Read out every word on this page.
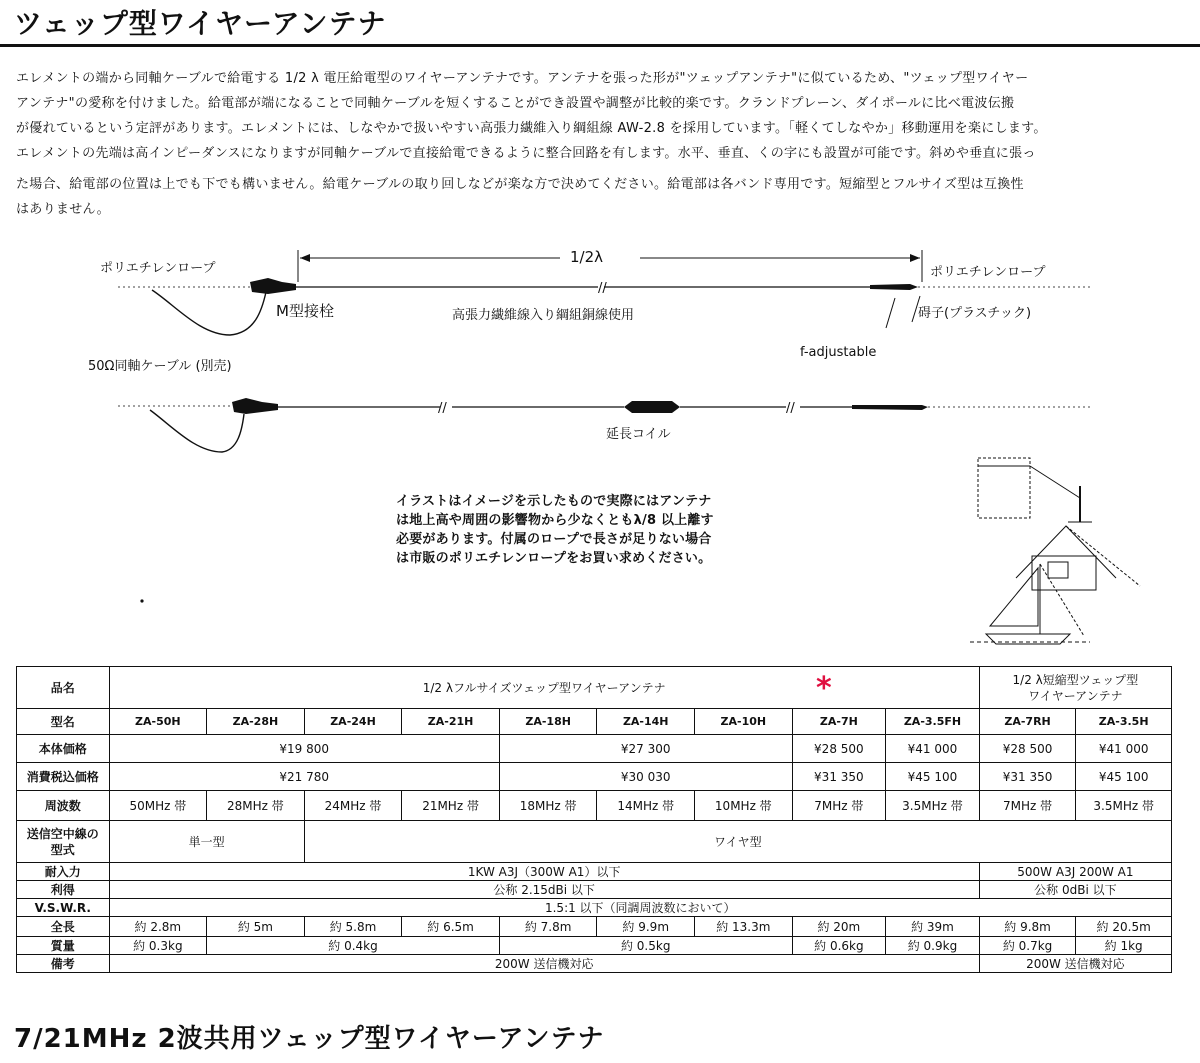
ツェップ型ワイヤーアンテナ

エレメントの端から同軸ケーブルで給電する 1/2 λ 電圧給電型のワイヤーアンテナです。アンテナを張った形が"ツェップアンテナ"に似ているため、"ツェップ型ワイヤー

アンテナ"の愛称を付けました。給電部が端になることで同軸ケーブルを短くすることができ設置や調整が比較的楽です。クランドプレーン、ダイポールに比べ電波伝搬

が優れているという定評があります。エレメントには、しなやかで扱いやすい高張力繊維入り綱組線 AW-2.8 を採用しています。「軽くてしなやか」移動運用を楽にします。

エレメントの先端は高インピーダンスになりますが同軸ケーブルで直接給電できるように整合回路を有します。水平、垂直、くの字にも設置が可能です。斜めや垂直に張っ

た場合、給電部の位置は上でも下でも構いません。給電ケーブルの取り回しなどが楽な方で決めてください。給電部は各バンド専用です。短縮型とフルサイズ型は互換性

はありません。

//
ポリエチレンロープ
1/2λ
ポリエチレンロープ
M型接栓	高張力繊維線入り綱組銅線使用	碍子(プラスチック)
f-adjustable
50Ω同軸ケーブル (別売)
//	//
延長コイル

イラストはイメージを示したもので実際にはアンテナ

は地上高や周囲の影響物から少なくともλ/8 以上離す

必要があります。付属のロープで長さが足りない場合

は市販のポリエチレンロープをお買い求めください。

品名	1/2 λフルサイズツェップ型ワイヤーアンテナ									1/2 λ短縮型ツェップ型
ワイヤーアンテナ	

型名	ZA-50H	ZA-28H	ZA-24H	ZA-21H	ZA-18H	ZA-14H	ZA-10H	ZA-7H	ZA-3.5FH	ZA-7RH	ZA-3.5H
本体価格	¥19 800				¥27 300			¥28 500	¥41 000	¥28 500	¥41 000
消費税込価格	¥21 780				¥30 030			¥31 350	¥45 100	¥31 350	¥45 100
周波数	50MHz 帯	28MHz 帯	24MHz 帯	21MHz 帯	18MHz 帯	14MHz 帯	10MHz 帯	7MHz 帯	3.5MHz 帯	7MHz 帯	3.5MHz 帯

送信空中線の
型式	単一型		ワイヤ型								
耐入力	1KW A3J（300W A1）以下									500W A3J 200W A1	
利得	公称 2.15dBi 以下									公称 0dBi 以下	
V.S.W.R.	1.5:1 以下（同調周波数において）										
全長	約 2.8m	約 5m	約 5.8m	約 6.5m	約 7.8m	約 9.9m	約 13.3m	約 20m	約 39m	約 9.8m	約 20.5m
質量	約 0.3kg	約 0.4kg			約 0.5kg			約 0.6kg	約 0.9kg	約 0.7kg	約 1kg
備考	200W 送信機対応									200W 送信機対応	
*
7/21MHz 2波共用ツェップ型ワイヤーアンテナ
